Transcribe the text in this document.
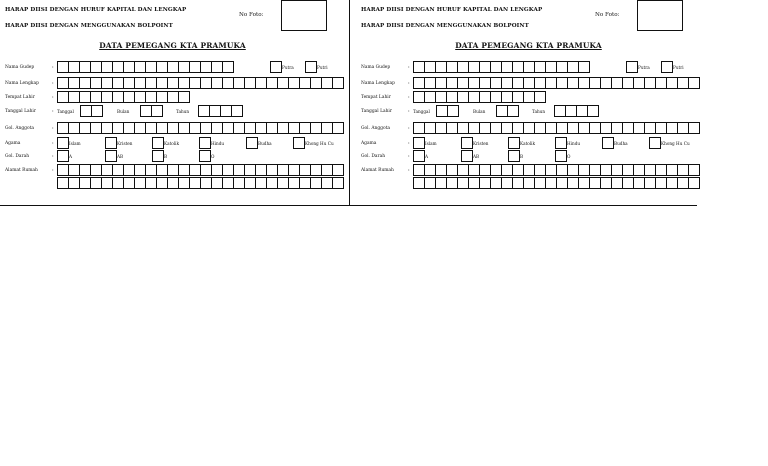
HARAP DIISI DENGAN HURUF KAPITAL DAN LENGKAP
HARAP DIISI DENGAN MENGGUNAKAN BOLPOINT
No Foto:
DATA PEMEGANG KTA PRAMUKA
Nama Gudep	:	Putra	Putri
Nama Lengkap	:
Tempat Lahir	:
Tanggal Lahir	: Tanggal	Bulan	Tahun
Gol. Anggota	:
Agama	:	Islam	Kristen	Katolik	Hindu	Budha	Khong Hu Cu
Gol. Darah	:	A	AB	B	O
Alamat Rumah	:
HARAP DIISI DENGAN HURUF KAPITAL DAN LENGKAP
HARAP DIISI DENGAN MENGGUNAKAN BOLPOINT
No Foto:
DATA PEMEGANG KTA PRAMUKA
Nama Gudep	:	Putra	Putri
Nama Lengkap	:
Tempat Lahir	:
Tanggal Lahir	: Tanggal	Bulan	Tahun
Gol. Anggota	:
Agama	:	Islam	Kristen	Katolik	Hindu	Budha	Khong Hu Cu
Gol. Darah	:	A	AB	B	O
Alamat Rumah	:
